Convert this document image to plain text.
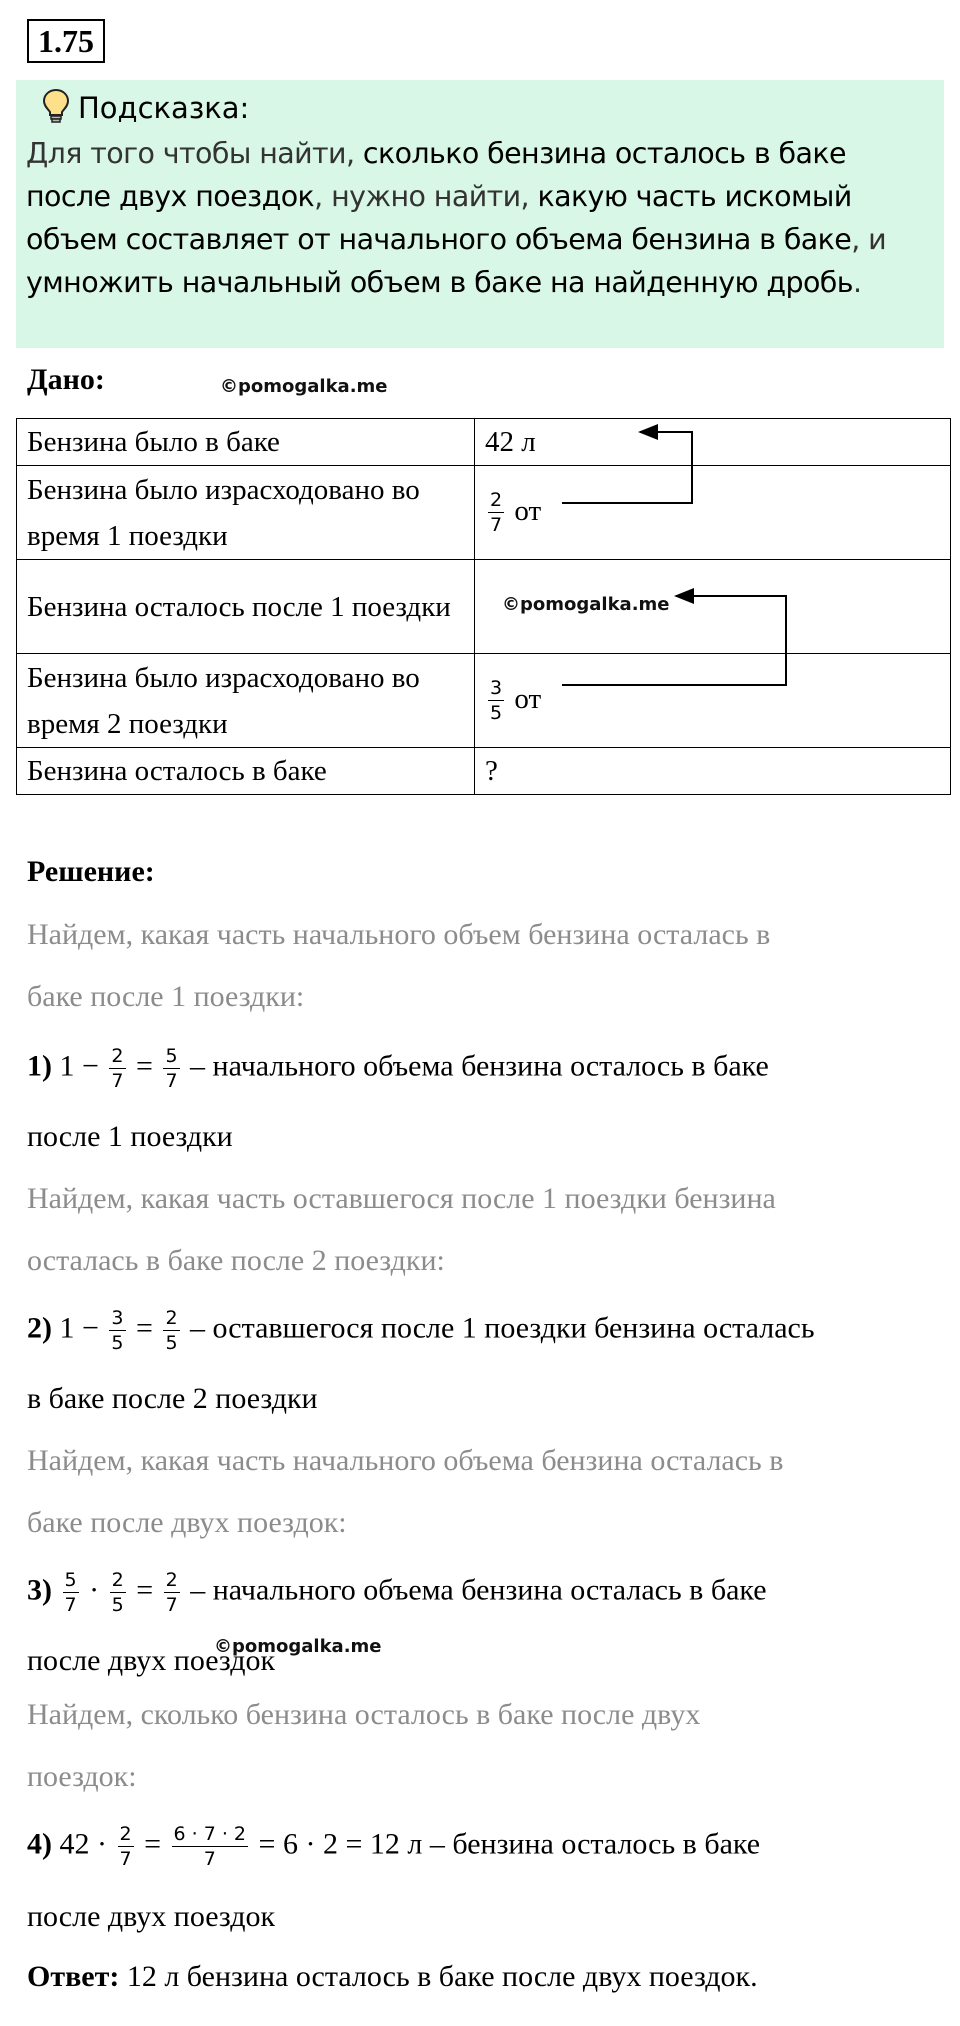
1.75
Подсказка:
Для того чтобы найти, сколько бензина осталось в баке после двух поездок, нужно найти, какую часть искомый объем составляет от начального объема бензина в баке, и умножить начальный объем в баке на найденную дробь.
Дано:	©pomogalka.me
Бензина было в баке	42 л
Бензина было израсходовано во время 1 поездки	$\frac{2}{7}$ от
Бензина осталось после 1 поездки	
Бензина было израсходовано во время 2 поездки	$\frac{3}{5}$ от
Бензина осталось в баке	?
©pomogalka.me
Решение:
Найдем, какая часть начального объем бензина осталась в
баке после 1 поездки:
1) $1 - \frac{2}{7} = \frac{5}{7}$ – начального объема бензина осталось в баке
после 1 поездки
Найдем, какая часть оставшегося после 1 поездки бензина
осталась в баке после 2 поездки:
2) $1 - \frac{3}{5} = \frac{2}{5}$ – оставшегося после 1 поездки бензина осталась
в баке после 2 поездки
Найдем, какая часть начального объема бензина осталась в
баке после двух поездок:
$3) \frac{5}{7} \cdot \frac{2}{5} = \frac{2}{7}$ – начального объема бензина осталась в баке
после двух поездок
©pomogalka.me
Найдем, сколько бензина осталось в баке после двух
поездок:
4) $42 \cdot \frac{2}{7} = \frac{6 \cdot 7 \cdot 2}{7} = 6 \cdot 2 = 12$ л – бензина осталось в баке
после двух поездок
Ответ: 12 л бензина осталось в баке после двух поездок.
